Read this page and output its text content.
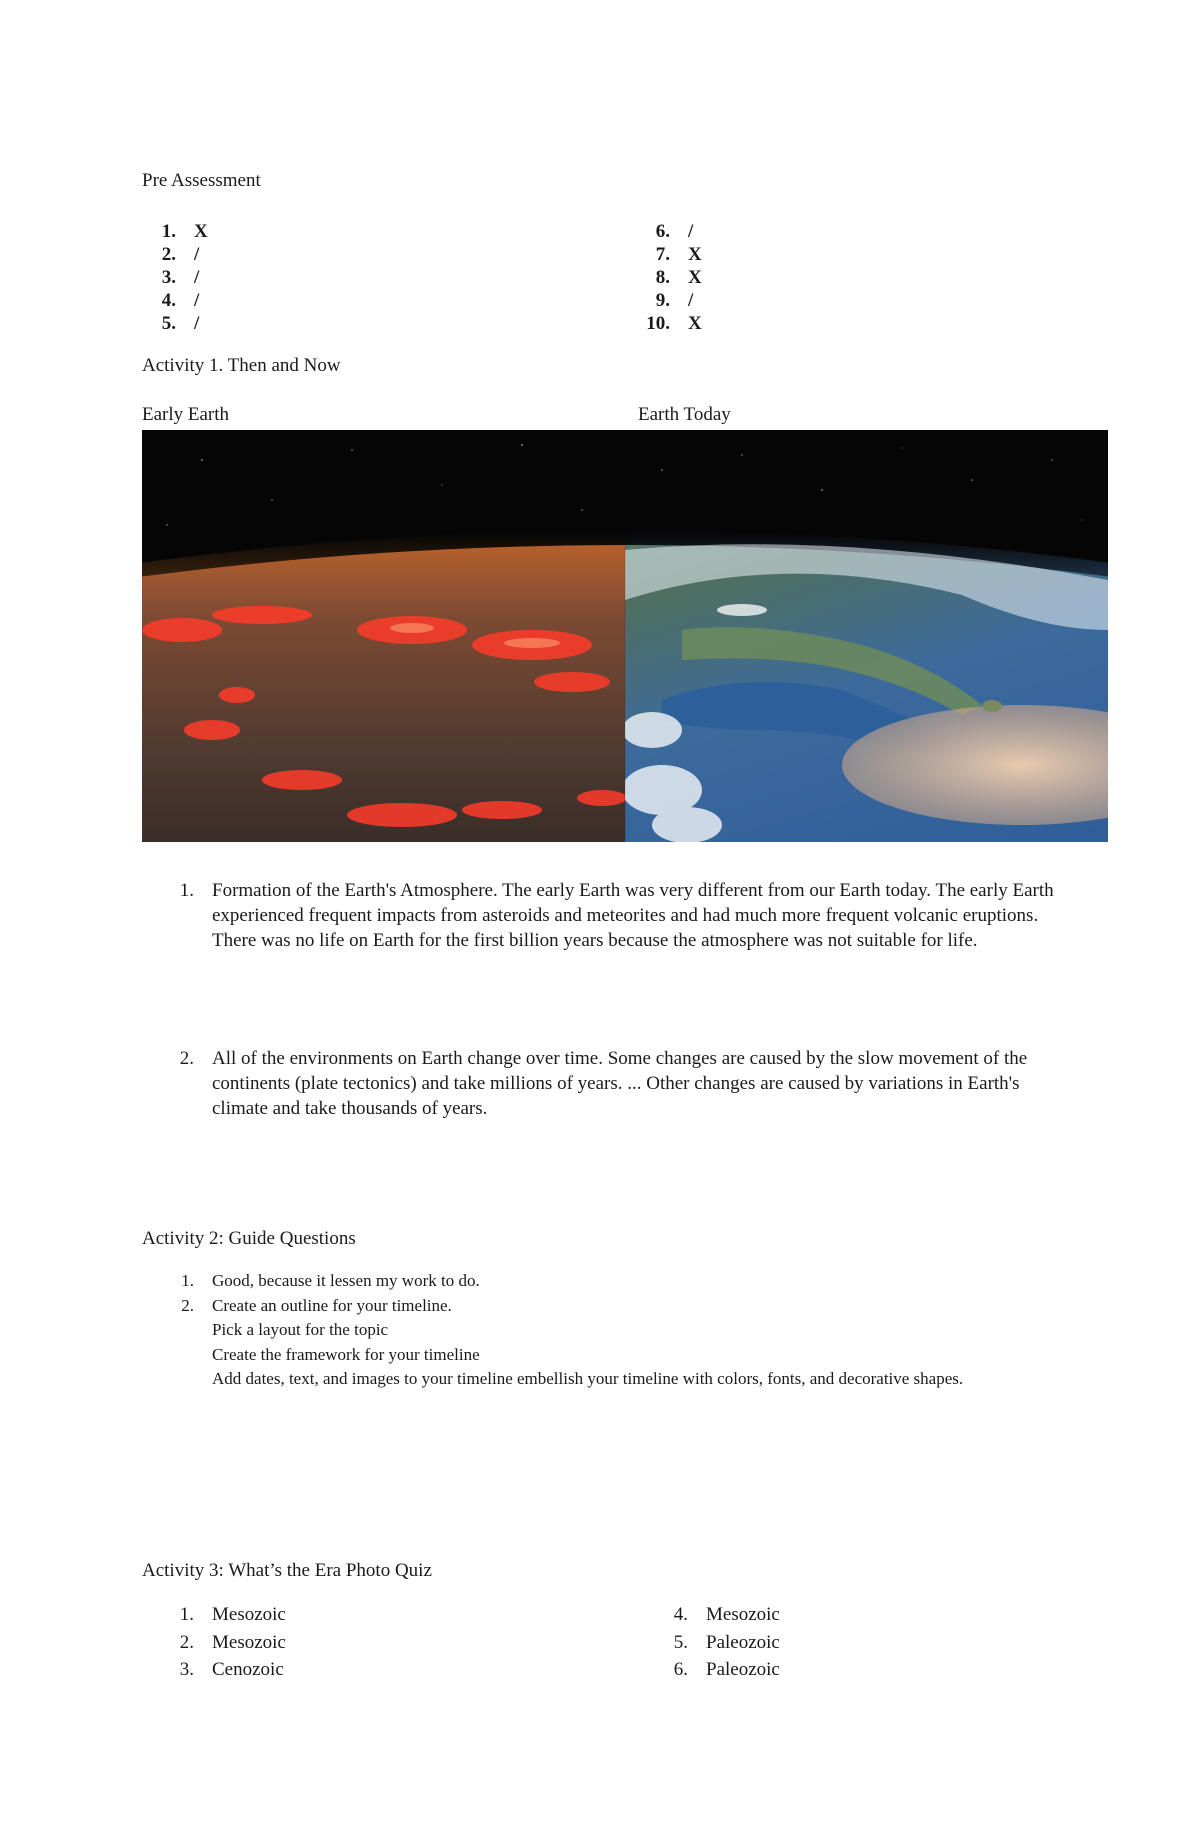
Pre Assessment
1. X
2. /
3. /
4. /
5. /
6. /
7. X
8. X
9. /
10. X
Activity 1. Then and Now
Early Earth	Earth Today
1. Formation of the Earth's Atmosphere. The early Earth was very different from our Earth today. The early Earth experienced frequent impacts from asteroids and meteorites and had much more frequent volcanic eruptions. There was no life on Earth for the first billion years because the atmosphere was not suitable for life.
2. All of the environments on Earth change over time. Some changes are caused by the slow movement of the continents (plate tectonics) and take millions of years. ... Other changes are caused by variations in Earth's climate and take thousands of years.
Activity 2: Guide Questions
1.	Good, because it lessen my work to do.
2.	Create an outline for your timeline.
Pick a layout for the topic
Create the framework for your timeline
Add dates, text, and images to your timeline embellish your timeline with colors, fonts, and decorative shapes.
Activity 3: What’s the Era Photo Quiz
1. Mesozoic
2. Mesozoic
3. Cenozoic
4. Mesozoic
5. Paleozoic
6. Paleozoic
